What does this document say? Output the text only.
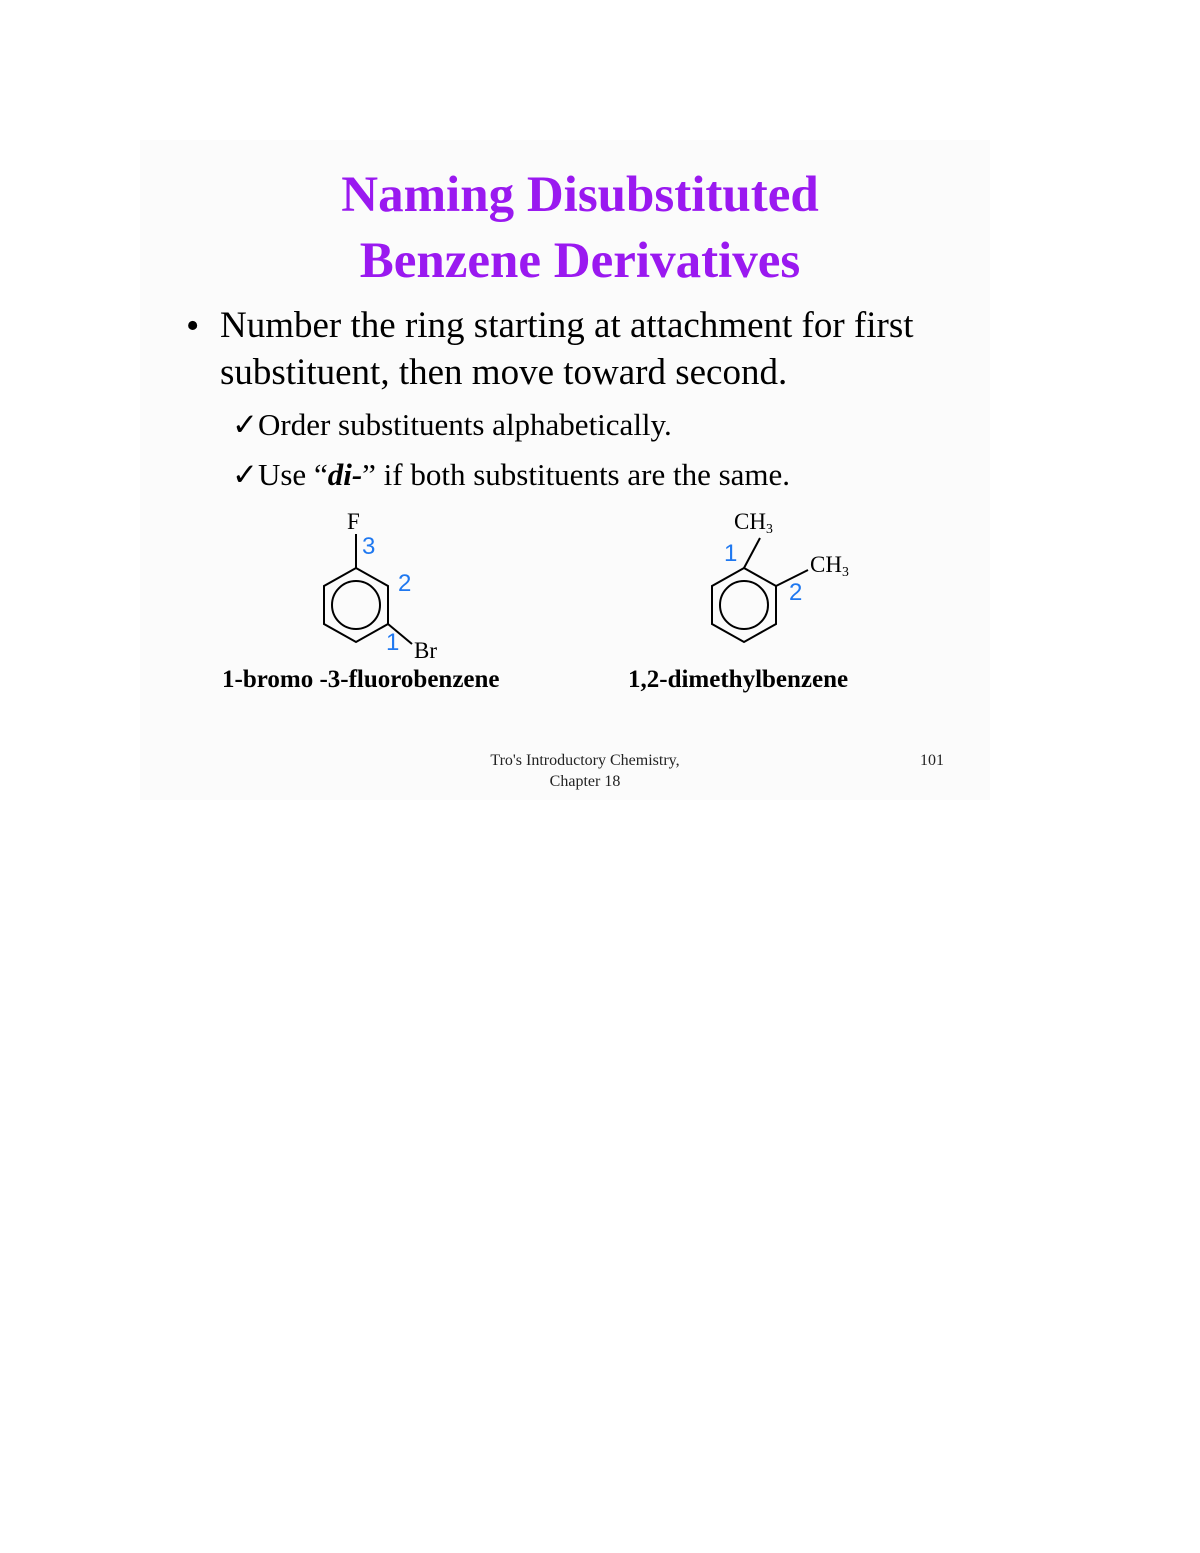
Naming Disubstituted
Benzene Derivatives
• Number the ring starting at attachment for first
substituent, then move toward second.
✓Order substituents alphabetically.
✓Use “di-” if both substituents are the same.
F
Br
3
2
1
1-bromo -3-fluorobenzene
$CH_3$
$CH_3$
1
2
1,2-dimethylbenzene
Tro's Introductory Chemistry,
Chapter 18
101
